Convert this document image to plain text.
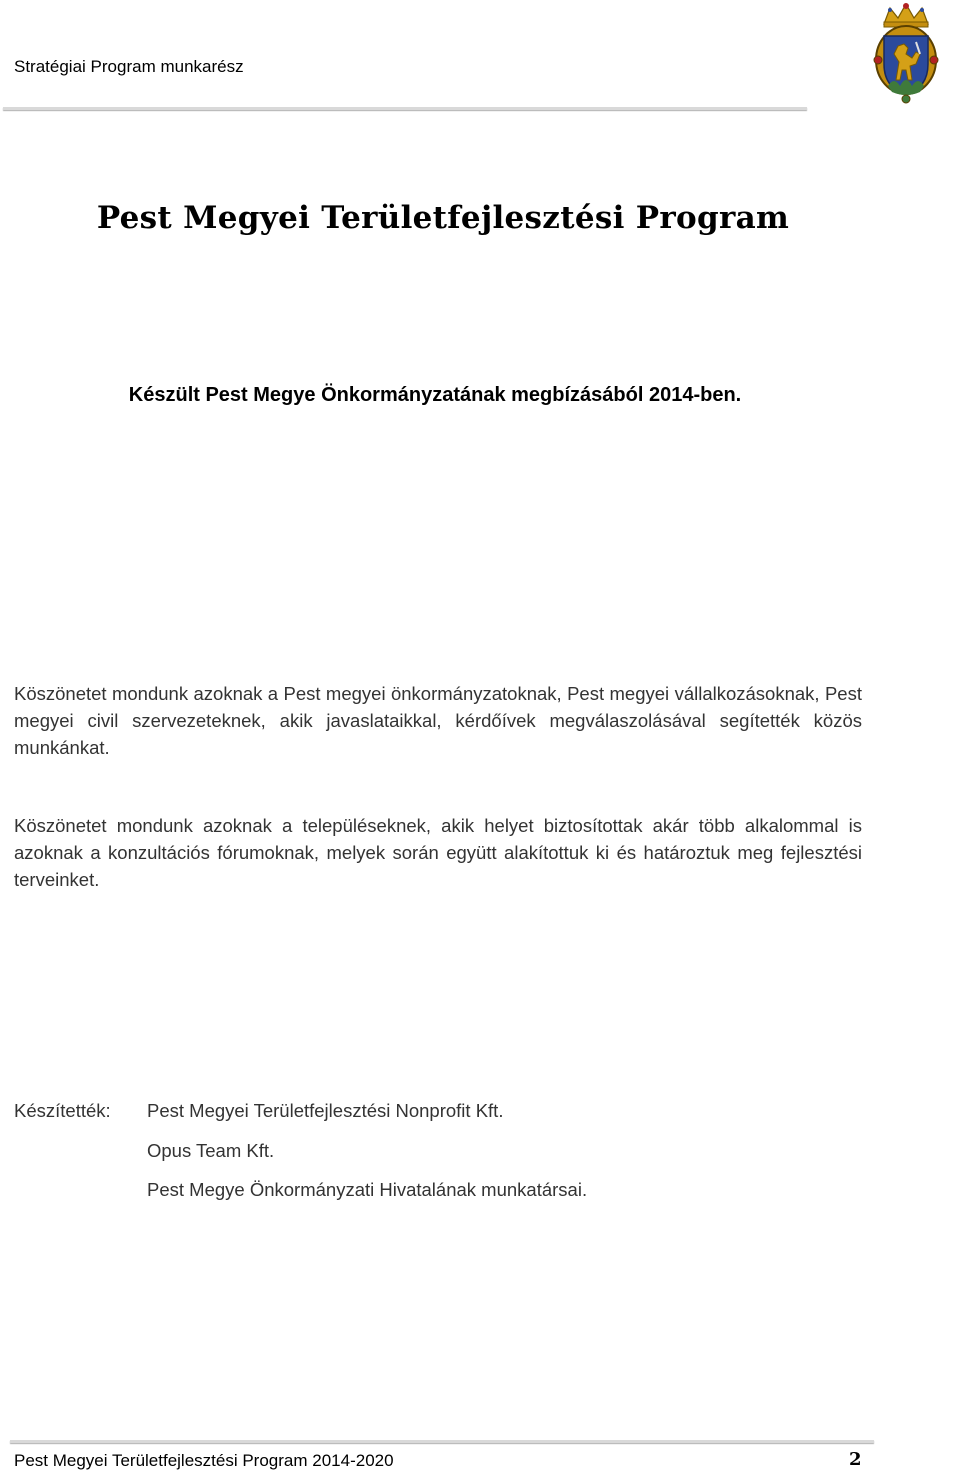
Stratégiai Program munkarész
Pest Megyei Területfejlesztési Program
Készült Pest Megye Önkormányzatának megbízásából 2014-ben.
Köszönetet mondunk azoknak a Pest megyei önkormányzatoknak, Pest megyei vállalkozásoknak, Pest megyei civil szervezeteknek, akik javaslataikkal, kérdőívek megválaszolásával segítették közös munkánkat.
Köszönetet mondunk azoknak a településeknek, akik helyet biztosítottak akár több alkalommal is azoknak a konzultációs fórumoknak, melyek során együtt alakítottuk ki és határoztuk meg fejlesztési terveinket.
Készítették: Pest Megyei Területfejlesztési Nonprofit Kft.
Opus Team Kft.
Pest Megye Önkormányzati Hivatalának munkatársai.
Pest Megyei Területfejlesztési Program 2014-2020	2
